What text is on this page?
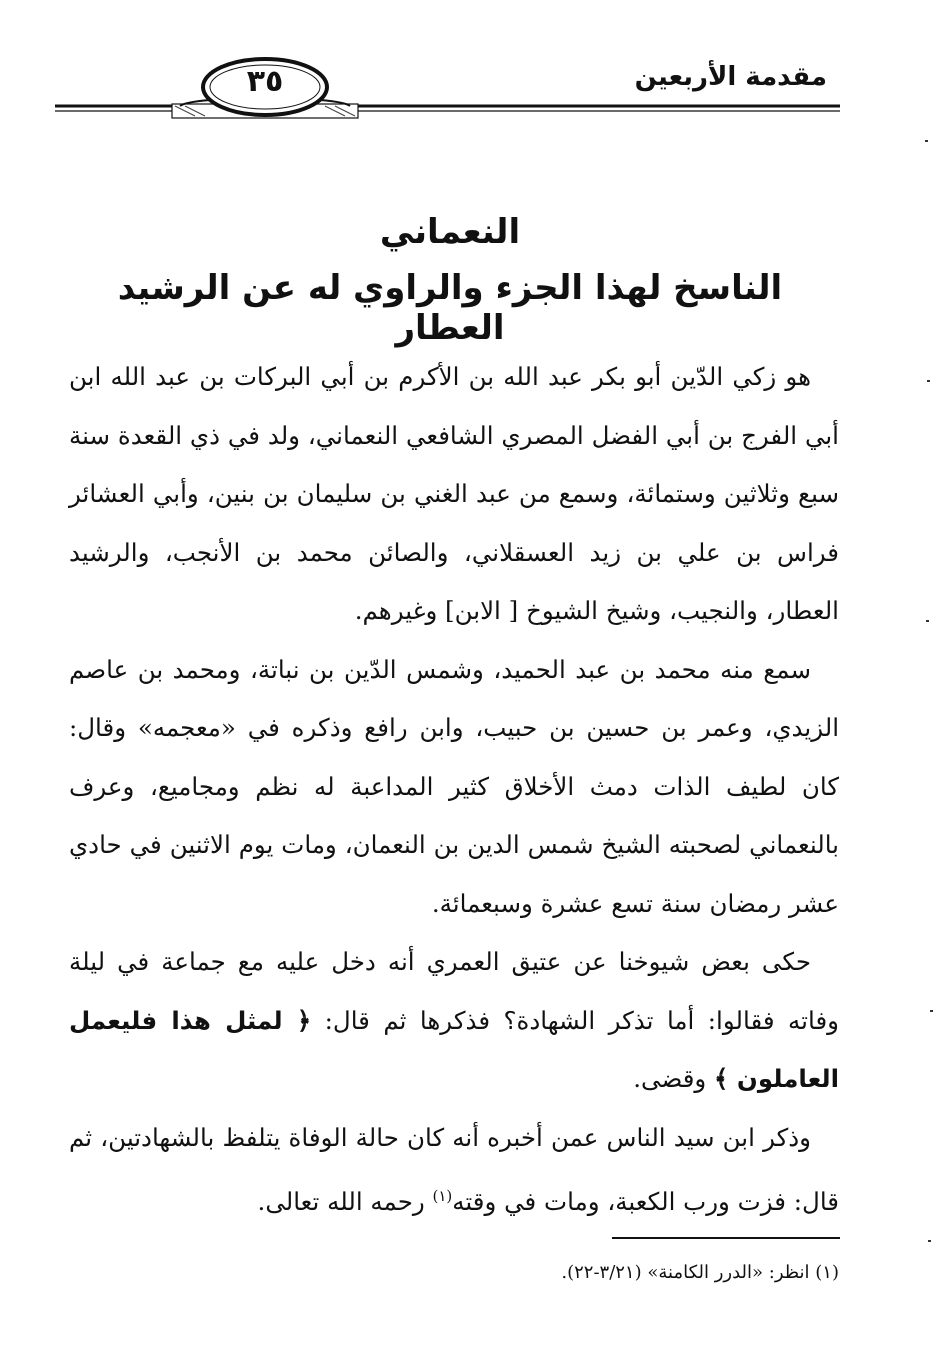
٣٥	مقدمة الأربعين
النعماني
الناسخ لهذا الجزء والراوي له عن الرشيد العطار

هو زكي الدّين أبو بكر عبد الله بن الأكرم بن أبي البركات بن عبد الله ابن أبي الفرج بن أبي الفضل المصري الشافعي النعماني، ولد في ذي القعدة سنة سبع وثلاثين وستمائة، وسمع من عبد الغني بن سليمان بن بنين، وأبي العشائر فراس بن علي بن زيد العسقلاني، والصائن محمد بن الأنجب، والرشيد العطار، والنجيب، وشيخ الشيوخ [ الابن] وغيرهم.

سمع منه محمد بن عبد الحميد، وشمس الدّين بن نباتة، ومحمد بن عاصم الزيدي، وعمر بن حسين بن حبيب، وابن رافع وذكره في «معجمه» وقال: كان لطيف الذات دمث الأخلاق كثير المداعبة له نظم ومجاميع، وعرف بالنعماني لصحبته الشيخ شمس الدين بن النعمان، ومات يوم الاثنين في حادي عشر رمضان سنة تسع عشرة وسبعمائة.

حكى بعض شيوخنا عن عتيق العمري أنه دخل عليه مع جماعة في ليلة وفاته فقالوا: أما تذكر الشهادة؟ فذكرها ثم قال: ﴿ لمثل هذا فليعمل العاملون ﴾ وقضى.

وذكر ابن سيد الناس عمن أخبره أنه كان حالة الوفاة يتلفظ بالشهادتين، ثم قال: فزت ورب الكعبة، ومات في وقته$^{(١)}$ رحمه الله تعالى.

(١) انظر: «الدرر الكامنة» (٣/٢١-٢٢).
